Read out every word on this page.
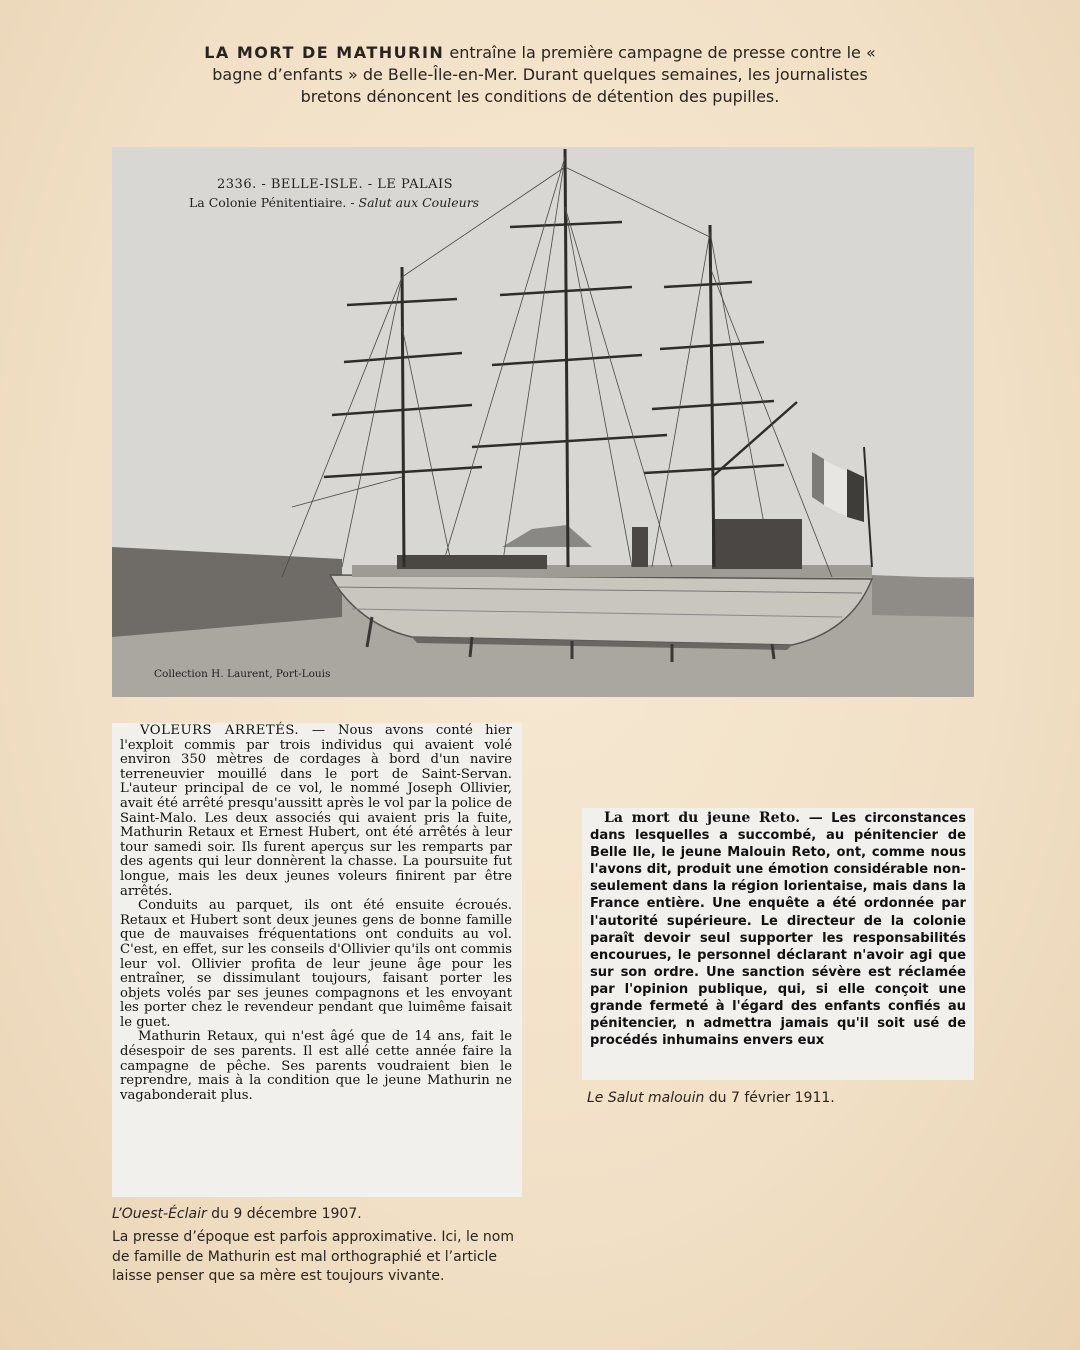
LA MORT DE MATHURIN entraîne la première campagne de presse contre le « bagne d’enfants » de Belle-Île-en-Mer. Durant quelques semaines, les journalistes bretons dénoncent les conditions de détention des pupilles.
2336. - BELLE-ISLE. - LE PALAIS
La Colonie Pénitentiaire. - Salut aux Couleurs
Collection H. Laurent, Port-Louis

VOLEURS ARRETÉS. — Nous avons conté hier l'exploit commis par trois individus qui avaient volé environ 350 mètres de cordages à bord d'un navire terreneuvier mouillé dans le port de Saint-Servan. L'auteur principal de ce vol, le nommé Joseph Ollivier, avait été arrêté presqu'aussitt après le vol par la police de Saint-Malo. Les deux associés qui avaient pris la fuite, Mathurin Retaux et Ernest Hubert, ont été arrêtés à leur tour samedi soir. Ils furent aperçus sur les remparts par des agents qui leur donnèrent la chasse. La poursuite fut longue, mais les deux jeunes voleurs finirent par être arrêtés.

Conduits au parquet, ils ont été ensuite écroués. Retaux et Hubert sont deux jeunes gens de bonne famille que de mauvaises fréquentations ont conduits au vol. C'est, en effet, sur les conseils d'Ollivier qu'ils ont commis leur vol. Ollivier profita de leur jeune âge pour les entraîner, se dissimulant toujours, faisant porter les objets volés par ses jeunes compagnons et les envoyant les porter chez le revendeur pendant que luimême faisait le guet.

Mathurin Retaux, qui n'est âgé que de 14 ans, fait le désespoir de ses parents. Il est allé cette année faire la campagne de pêche. Ses parents voudraient bien le reprendre, mais à la condition que le jeune Mathurin ne vagabonderait plus.

L’Ouest-Éclair du 9 décembre 1907.
La presse d’époque est parfois approximative. Ici, le nom de famille de Mathurin est mal orthographié et l’article laisse penser que sa mère est toujours vivante.

La mort du jeune Reto. — Les circonstances dans lesquelles a succombé, au pénitencier de Belle Ile, le jeune Malouin Reto, ont, comme nous l'avons dit, produit une émotion considérable non-seulement dans la région lorientaise, mais dans la France entière. Une enquête a été ordonnée par l'autorité supérieure. Le directeur de la colonie paraît devoir seul supporter les responsabilités encourues, le personnel déclarant n'avoir agi que sur son ordre. Une sanction sévère est réclamée par l'opinion publique, qui, si elle conçoit une grande fermeté à l'égard des enfants confiés au pénitencier, n admettra jamais qu'il soit usé de procédés inhumains envers eux

Le Salut malouin du 7 février 1911.
